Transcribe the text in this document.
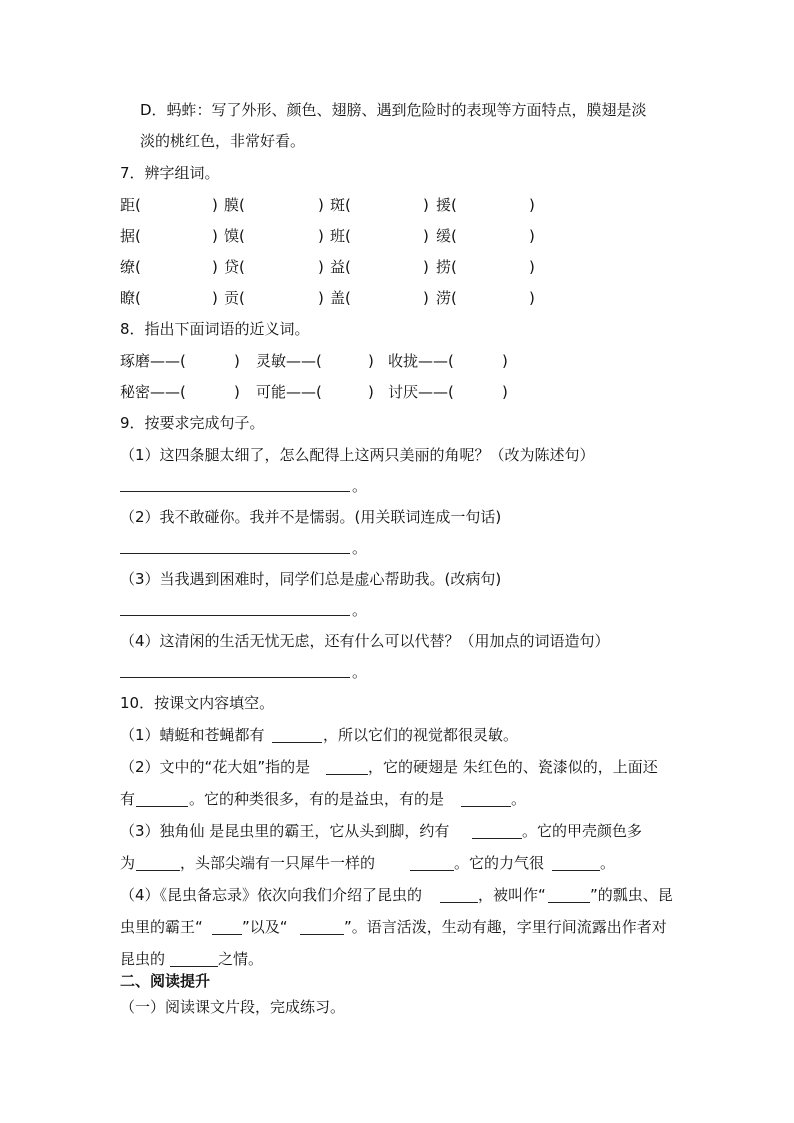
D．蚂蚱：写了外形、颜色、翅膀、遇到危险时的表现等方面特点，膜翅是淡
淡的桃红色，非常好看。
7．辨字组词。
距(	) 膜(	) 斑(	) 援(	)
据(	) 馍(	) 班(	) 缓(	)
缭(	) 贷(	) 益(	) 捞(	)
瞭(	) 贡(	) 盖(	) 涝(	)
8．指出下面词语的近义词。
琢磨——(	) 灵敏——(	) 收拢——(	)
秘密——(	) 可能——(	) 讨厌——(	)
9．按要求完成句子。
（1）这四条腿太细了，怎么配得上这两只美丽的角呢？（改为陈述句）
。
（2）我不敢碰你。我并不是懦弱。(用关联词连成一句话)
。
（3）当我遇到困难时，同学们总是虚心帮助我。(改病句)
。
（4）这清闲的生活无忧无虑，还有什么可以代替？（用加点的词语造句）
。
10．按课文内容填空。
（1）蜻蜓和苍蝇都有	，所以它们的视觉都很灵敏。
（2）文中的“花大姐”指的是	，它的硬翅是 朱红色的、瓷漆似的，上面还
有	。它的种类很多，有的是益虫，有的是	。
（3）独角仙 是昆虫里的霸王，它从头到脚，约有	。它的甲壳颜色多
为	，头部尖端有一只犀牛一样的	。它的力气很	。
（4）《昆虫备忘录》依次向我们介绍了昆虫的	，被叫作“	”的瓢虫、昆
虫里的霸王“	”以及“	”。语言活泼，生动有趣，字里行间流露出作者对
昆虫的	之情。
二、阅读提升
（一）阅读课文片段，完成练习。
